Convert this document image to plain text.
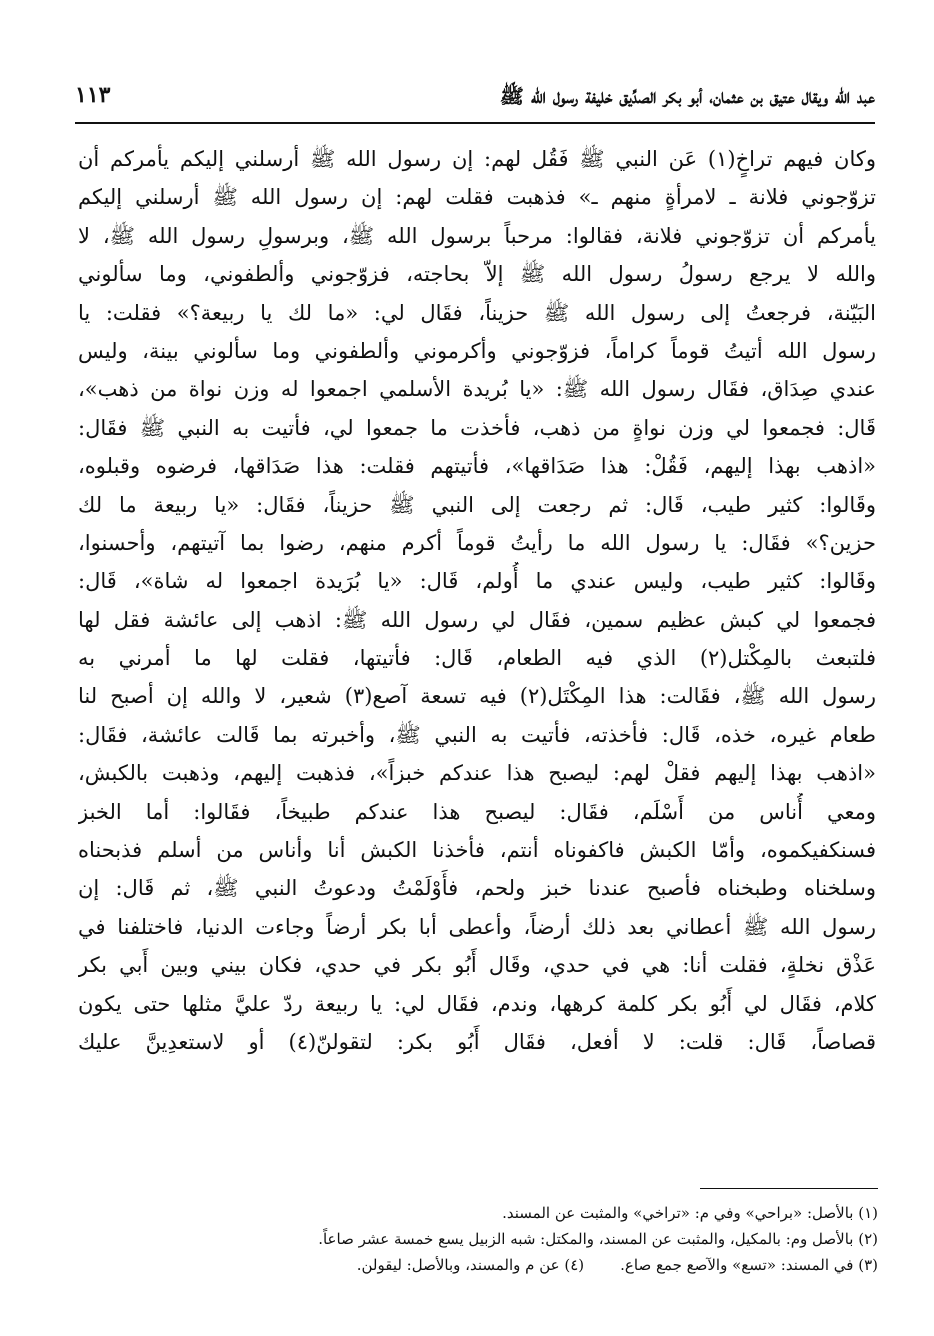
عبد الله ويقال عتيق بن عثمان، أبو بكر الصدِّيق خليفة رسول الله ﷺ
١١٣
وكان فيهم تراخٍ(١) عَن النبي ﷺ فَقُل لهم: إن رسول الله ﷺ أرسلني إليكم يأمركم أن
تزوّجوني فلانة ـ لامرأةٍ منهم ـ» فذهبت فقلت لهم: إن رسول الله ﷺ أرسلني إليكم
يأمركم أن تزوّجوني فلانة، فقالوا: مرحباً برسول الله ﷺ، وبرسولِ رسول الله ﷺ، لا
والله لا يرجع رسولُ رسول الله ﷺ إلاّ بحاجته، فزوّجوني وألطفوني، وما سألوني
البَيّنة، فرجعتُ إلى رسول الله ﷺ حزيناً، فقَال لي: «ما لك يا ربيعة؟» فقلت: يا
رسول الله أتيتُ قوماً كراماً، فزوّجوني وأكرموني وألطفوني وما سألوني بينة، وليس
عندي صِدَاق، فقَال رسول الله ﷺ: «يا بُريدة الأسلمي اجمعوا له وزن نواة من ذهب»،
قَال: فجمعوا لي وزن نواةٍ من ذهب، فأخذت ما جمعوا لي، فأتيت به النبي ﷺ فقَال:
«اذهب بهذا إليهم، فَقُلْ: هذا صَدَاقها»، فأتيتهم فقلت: هذا صَدَاقها، فرضوه وقبلوه،
وقَالوا: كثير طيب، قَال: ثم رجعت إلى النبي ﷺ حزيناً، فقَال: «يا ربيعة ما لك
حزين؟» فقَال: يا رسول الله ما رأيتُ قوماً أكرم منهم، رضوا بما آتيتهم، وأحسنوا،
وقَالوا: كثير طيب، وليس عندي ما أُولم، قَال: «يا بُرَيدة اجمعوا له شاة»، قَال:
فجمعوا لي كبش عظيم سمين، فقَال لي رسول الله ﷺ: اذهب إلى عائشة فقل لها
فلتبعث بالمِكْتل(٢) الذي فيه الطعام، قَال: فأتيتها، فقلت لها ما أمرني به
رسول الله ﷺ، فقَالت: هذا المِكْتَل(٢) فيه تسعة آصع(٣) شعير، لا والله إن أصبح لنا
طعام غيره، خذه، قَال: فأخذته، فأتيت به النبي ﷺ، وأخبرته بما قَالت عائشة، فقَال:
«اذهب بهذا إليهم فقلْ لهم: ليصبح هذا عندكم خبزاً»، فذهبت إليهم، وذهبت بالكبش،
ومعي أُناس من أَسْلَم، فقَال: ليصبح هذا عندكم طبيخاً، فقَالوا: أما الخبز
فسنكفيكموه، وأمّا الكبش فاكفوناه أنتم، فأخذنا الكبش أنا وأناس من أسلم فذبحناه
وسلخناه وطبخناه فأصبح عندنا خبز ولحم، فأَوْلَمْتُ ودعوتُ النبي ﷺ، ثم قَال: إن
رسول الله ﷺ أعطاني بعد ذلك أرضاً، وأعطى أبا بكر أرضاً وجاءت الدنيا، فاختلفنا في
عَذْق نخلةٍ، فقلت أنا: هي في حدي، وقَال أَبُو بكر في حدي، فكان بيني وبين أَبي بكر
كلام، فقَال لي أَبُو بكر كلمة كرهها، وندم، فقَال لي: يا ربيعة ردّ عليَّ مثلها حتى يكون
قصاصاً، قَال: قلت: لا أفعل، فقَال أَبُو بكر: لتقولنّ(٤) أو لاستعدِينَّ عليك
(١) بالأصل: «براحي» وفي م: «تراخي» والمثبت عن المسند.
(٢) بالأصل وم: بالمكيل، والمثبت عن المسند، والمكتل: شبه الزبيل يسع خمسة عشر صاعاً.
(٣) في المسند: «تسع» والآصع جمع صاع.(٤) عن م والمسند، وبالأصل: ليقولن.
